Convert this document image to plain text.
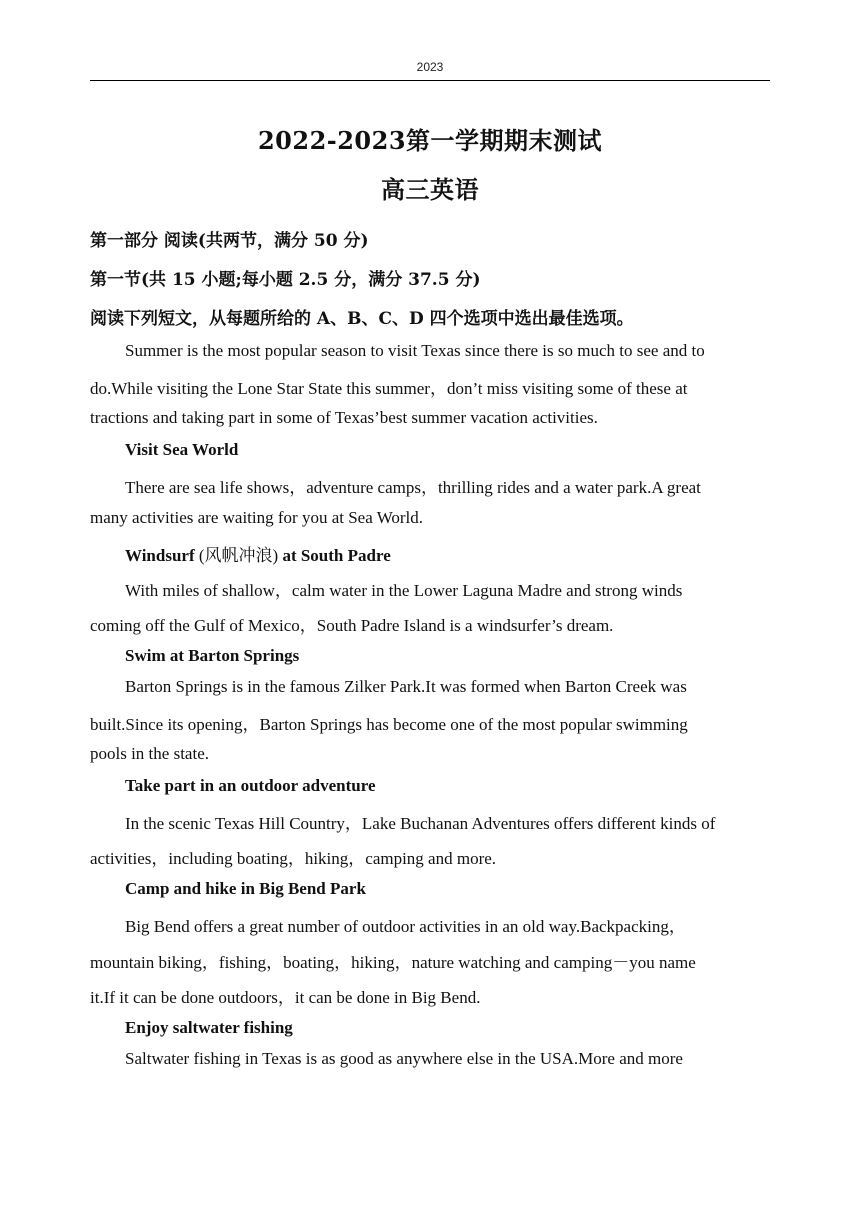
2023
2022-2023第一学期期末测试
高三英语
第一部分 阅读(共两节，满分 50 分)
第一节(共 15 小题;每小题 2.5 分，满分 37.5 分)
阅读下列短文，从每题所给的 A、B、C、D 四个选项中选出最佳选项。
Summer is the most popular season to visit Texas since there is so much to see and to
do.While visiting the Lone Star State this summer，don’t miss visiting some of these at
tractions and taking part in some of Texas’best summer vacation activities.
Visit Sea World
There are sea life shows，adventure camps，thrilling rides and a water park.A great
many activities are waiting for you at Sea World.
Windsurf (风帆冲浪) at South Padre
With miles of shallow，calm water in the Lower Laguna Madre and strong winds
coming off the Gulf of Mexico，South Padre Island is a windsurfer’s dream.
Swim at Barton Springs
Barton Springs is in the famous Zilker Park.It was formed when Barton Creek was
built.Since its opening，Barton Springs has become one of the most popular swimming
pools in the state.
Take part in an outdoor adventure
In the scenic Texas Hill Country，Lake Buchanan Adventures offers different kinds of
activities，including boating，hiking，camping and more.
Camp and hike in Big Bend Park
Big Bend offers a great number of outdoor activities in an old way.Backpacking，
mountain biking，fishing，boating，hiking，nature watching and camping－you name
it.If it can be done outdoors，it can be done in Big Bend.
Enjoy saltwater fishing
Saltwater fishing in Texas is as good as anywhere else in the USA.More and more
